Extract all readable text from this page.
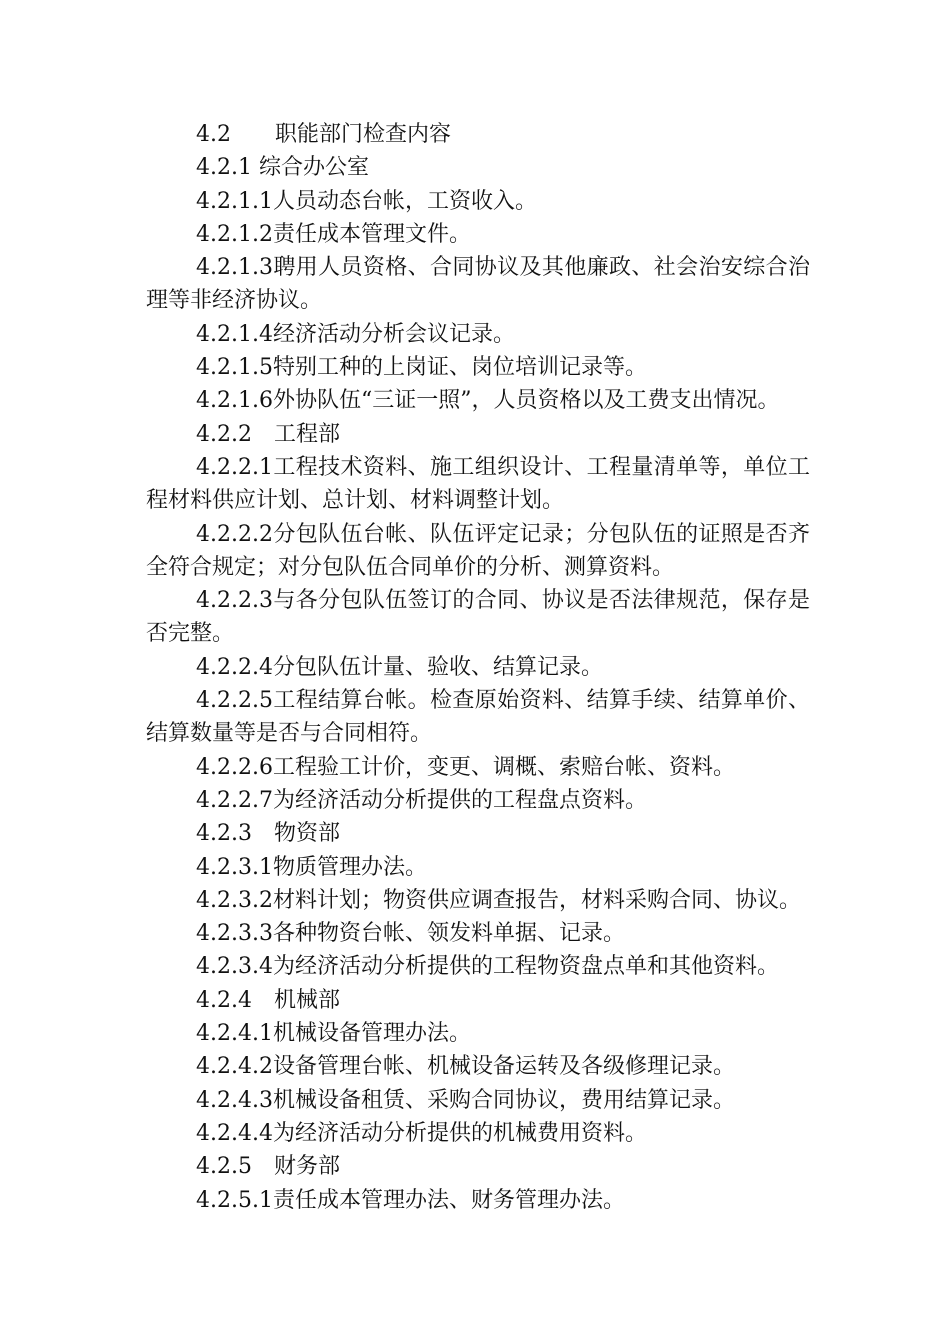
4.2　　职能部门检查内容

4.2.1 综合办公室

4.2.1.1人员动态台帐，工资收入。

4.2.1.2责任成本管理文件。

4.2.1.3聘用人员资格、合同协议及其他廉政、社会治安综合治理等非经济协议。

4.2.1.4经济活动分析会议记录。

4.2.1.5特别工种的上岗证、岗位培训记录等。

4.2.1.6外协队伍“三证一照”，人员资格以及工费支出情况。

4.2.2　工程部

4.2.2.1工程技术资料、施工组织设计、工程量清单等，单位工程材料供应计划、总计划、材料调整计划。

4.2.2.2分包队伍台帐、队伍评定记录；分包队伍的证照是否齐全符合规定；对分包队伍合同单价的分析、测算资料。

4.2.2.3与各分包队伍签订的合同、协议是否法律规范，保存是否完整。

4.2.2.4分包队伍计量、验收、结算记录。

4.2.2.5工程结算台帐。检查原始资料、结算手续、结算单价、结算数量等是否与合同相符。

4.2.2.6工程验工计价，变更、调概、索赔台帐、资料。

4.2.2.7为经济活动分析提供的工程盘点资料。

4.2.3　物资部

4.2.3.1物质管理办法。

4.2.3.2材料计划；物资供应调查报告，材料采购合同、协议。

4.2.3.3各种物资台帐、领发料单据、记录。

4.2.3.4为经济活动分析提供的工程物资盘点单和其他资料。

4.2.4　机械部

4.2.4.1机械设备管理办法。

4.2.4.2设备管理台帐、机械设备运转及各级修理记录。

4.2.4.3机械设备租赁、采购合同协议，费用结算记录。

4.2.4.4为经济活动分析提供的机械费用资料。

4.2.5　财务部

4.2.5.1责任成本管理办法、财务管理办法。
